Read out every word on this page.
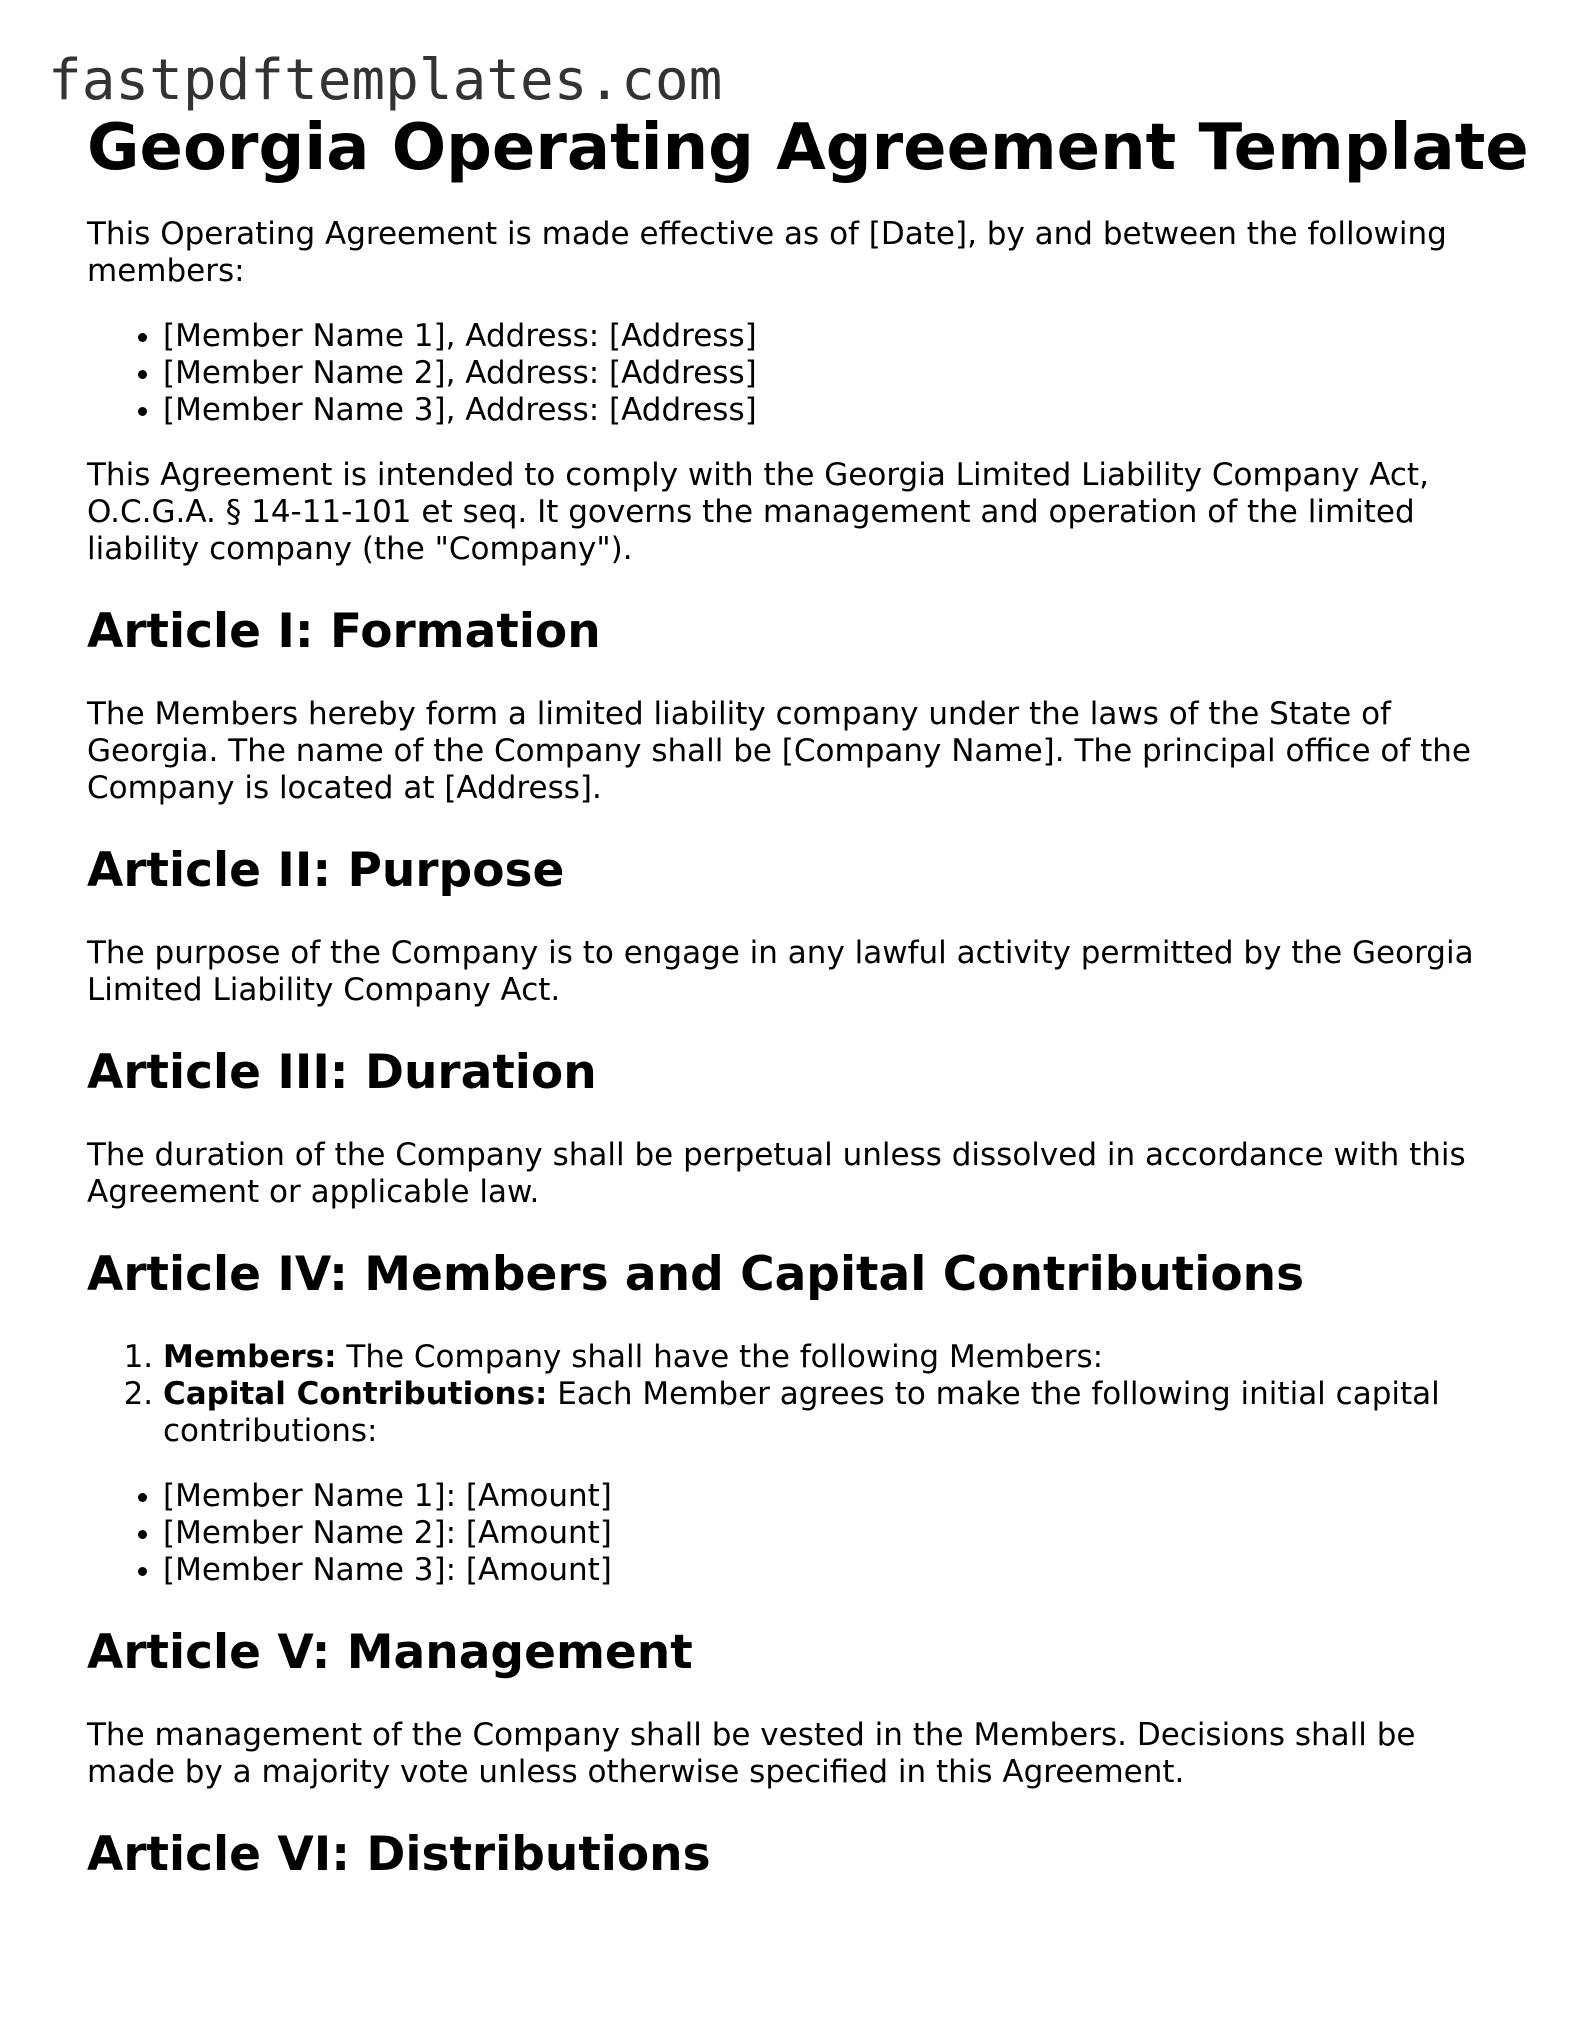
fastpdftemplates.com
Georgia Operating Agreement Template

This Operating Agreement is made effective as of [Date], by and between the following members:

• [Member Name 1], Address: [Address]
• [Member Name 2], Address: [Address]
• [Member Name 3], Address: [Address]

This Agreement is intended to comply with the Georgia Limited Liability Company Act, O.C.G.A. § 14-11-101 et seq. It governs the management and operation of the limited liability company (the "Company").

Article I: Formation

The Members hereby form a limited liability company under the laws of the State of Georgia. The name of the Company shall be [Company Name]. The principal office of the Company is located at [Address].

Article II: Purpose

The purpose of the Company is to engage in any lawful activity permitted by the Georgia Limited Liability Company Act.

Article III: Duration

The duration of the Company shall be perpetual unless dissolved in accordance with this Agreement or applicable law.

Article IV: Members and Capital Contributions
1. Members: The Company shall have the following Members:
2. Capital Contributions: Each Member agrees to make the following initial capital contributions:
• [Member Name 1]: [Amount]
• [Member Name 2]: [Amount]
• [Member Name 3]: [Amount]
Article V: Management

The management of the Company shall be vested in the Members. Decisions shall be made by a majority vote unless otherwise specified in this Agreement.

Article VI: Distributions
